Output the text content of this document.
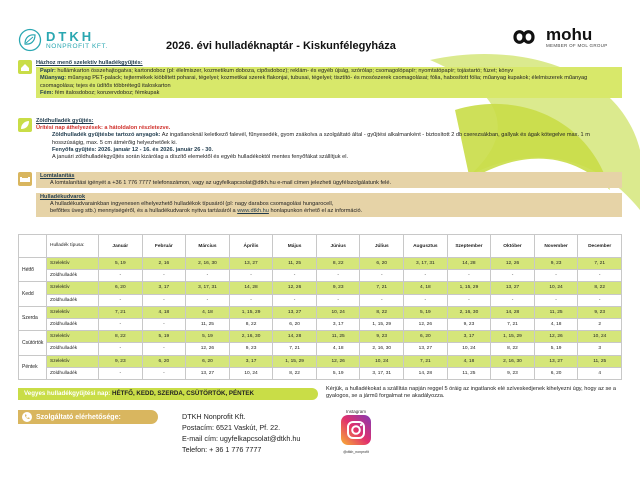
DTKH
NONPROFIT KFT.	2026. évi hulladéknaptár - Kiskunfélegyháza
mohu
MEMBER OF MOL GROUP
Házhoz menő szelektív hulladékgyűjtés:
Papír: hullámkarton összehajtogatva; kartondoboz (pl: élelmiszer, kozmetikum doboza, cipősdoboz); reklám- és egyéb újság, szórólap; csomagolópapír; nyomtatópapír; tojástartó; füzet; könyv
Műanyag: műanyag PET-palack; tejtermékek kiöblített poharai, tégelyei; kozmetikai szerek flakonjai, tubusai, tégelyei; tisztító- és mosószerek csomagolásai; fólia, habosított fólia; műanyag kupakok; élelmiszerek műanyag csomagolása; tejes és üdítős többrétegű italoskarton
Fém: fém italosdoboz; konzervdoboz; fémkupak
Zöldhulladék gyűjtés:
Ürítési nap áthelyezések: a hátoldalon részletezve.
Zöldhulladék gyűjtésbe tartozó anyagok: Az ingatlanoknál keletkező falevél, fűnyesedék, gyom zsákolva a szolgáltató által - gyűjtési alkalmanként - biztosított 2 db cserezsákban, gallyak és ágak kötegelve max. 1 m hosszúságig, max. 5 cm átmérőig helyezhetőek ki.
Fenyőfa gyűjtés: 2026. január 12 - 16. és 2026. január 26 - 30.
A januári zöldhulladékgyűjtés során kizárólag a díszítő elemektől és egyéb hulladékoktól mentes fenyőfákat szállítjuk el.
Lomtalanítás
A lomtalanítási igényét a +36 1 776 7777 telefonszámon, vagy az ugyfelkapcsolat@dtkh.hu e-mail címen jelezheti ügyfélszolgálatunk felé.
Hulladékudvarok
A hulladékudvarainkban ingyenesen elhelyezhető hulladékok típusáról (pl: nagy darabos csomagolási hungarocell,
befőttes üveg stb.) mennyiségéről, és a hulladékudvarok nyitva tartásáról a www.dtkh.hu honlapunkon érhető el az információ.
	Hulladék típusa:	Január	Február	Március	Április	Május	Június	Július	Augusztus	Szeptember	Október	November	December
Hétfő	Szelektív	5, 19	2, 16	2, 16, 30	13, 27	11, 25	8, 22	6, 20	3, 17, 31	14, 28	12, 26	9, 23	7, 21
	Zöldhulladék	-	-	-	-	-	-	-	-	-	-	-	-
Kedd	Szelektív	6, 20	3, 17	3, 17, 31	14, 28	12, 26	9, 23	7, 21	4, 18	1, 15, 29	13, 27	10, 24	8, 22
	Zöldhulladék	-	-	-	-	-	-	-	-	-	-	-	-
Szerda	Szelektív	7, 21	4, 18	4, 18	1, 15, 29	13, 27	10, 24	8, 22	5, 19	2, 16, 30	14, 28	11, 25	9, 23
	Zöldhulladék	-	-	11, 25	8, 22	6, 20	3, 17	1, 15, 29	12, 26	9, 23	7, 21	4, 18	2
Csütörtök	Szelektív	8, 22	5, 19	5, 19	2, 16, 30	14, 28	11, 25	9, 23	6, 20	3, 17	1, 15, 29	12, 26	10, 24
	Zöldhulladék	-	-	12, 26	9, 23	7, 21	4, 18	2, 16, 30	13, 27	10, 24	8, 22	5, 19	3
Péntek	Szelektív	9, 23	6, 20	6, 20	3, 17	1, 15, 29	12, 26	10, 24	7, 21	4, 18	2, 16, 30	13, 27	11, 25
	Zöldhulladék	-	-	13, 27	10, 24	8, 22	5, 19	3, 17, 31	14, 28	11, 25	9, 23	6, 20	4
Vegyes hulladékgyűjtési nap: HÉTFŐ, KEDD, SZERDA, CSÜTÖRTÖK, PÉNTEK
Kérjük, a hulladékokat a szállítás napján reggel 5 óráig az ingatlanok elé szíveskedjenek kihelyezni úgy, hogy az se a gyalogos, se a jármű forgalmat ne akadályozza.
Szolgáltató elérhetősége:	DTKH Nonprofit Kft.
Postacím: 6521 Vaskút, Pf. 22.
E-mail cím: ugyfelkapcsolat@dtkh.hu
Telefon: + 36 1 776 7777
Instagram
@dtkh_nonprofit
